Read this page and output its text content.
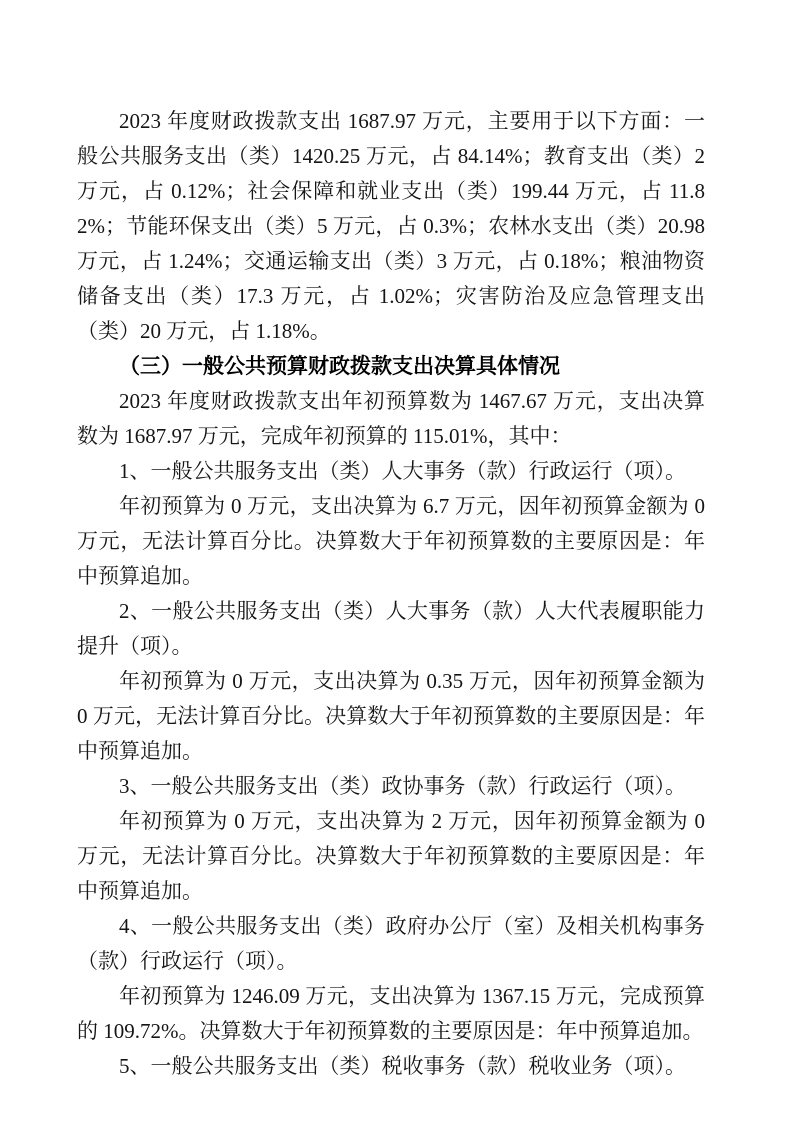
2023 年度财政拨款支出 1687.97 万元，主要用于以下方面：一般公共服务支出（类）1420.25 万元，占 84.14%；教育支出（类）2 万元，占 0.12%；社会保障和就业支出（类）199.44 万元，占 11.82%；节能环保支出（类）5 万元，占 0.3%；农林水支出（类）20.98 万元，占 1.24%；交通运输支出（类）3 万元，占 0.18%；粮油物资储备支出（类）17.3 万元，占 1.02%；灾害防治及应急管理支出（类）20 万元，占 1.18%。

（三）一般公共预算财政拨款支出决算具体情况

2023 年度财政拨款支出年初预算数为 1467.67 万元，支出决算数为 1687.97 万元，完成年初预算的 115.01%，其中：

1、一般公共服务支出（类）人大事务（款）行政运行（项）。

年初预算为 0 万元，支出决算为 6.7 万元，因年初预算金额为 0 万元，无法计算百分比。决算数大于年初预算数的主要原因是：年中预算追加。

2、一般公共服务支出（类）人大事务（款）人大代表履职能力提升（项）。

年初预算为 0 万元，支出决算为 0.35 万元，因年初预算金额为 0 万元，无法计算百分比。决算数大于年初预算数的主要原因是：年中预算追加。

3、一般公共服务支出（类）政协事务（款）行政运行（项）。

年初预算为 0 万元，支出决算为 2 万元，因年初预算金额为 0 万元，无法计算百分比。决算数大于年初预算数的主要原因是：年中预算追加。

4、一般公共服务支出（类）政府办公厅（室）及相关机构事务（款）行政运行（项）。

年初预算为 1246.09 万元，支出决算为 1367.15 万元，完成预算的 109.72%。决算数大于年初预算数的主要原因是：年中预算追加。

5、一般公共服务支出（类）税收事务（款）税收业务（项）。
